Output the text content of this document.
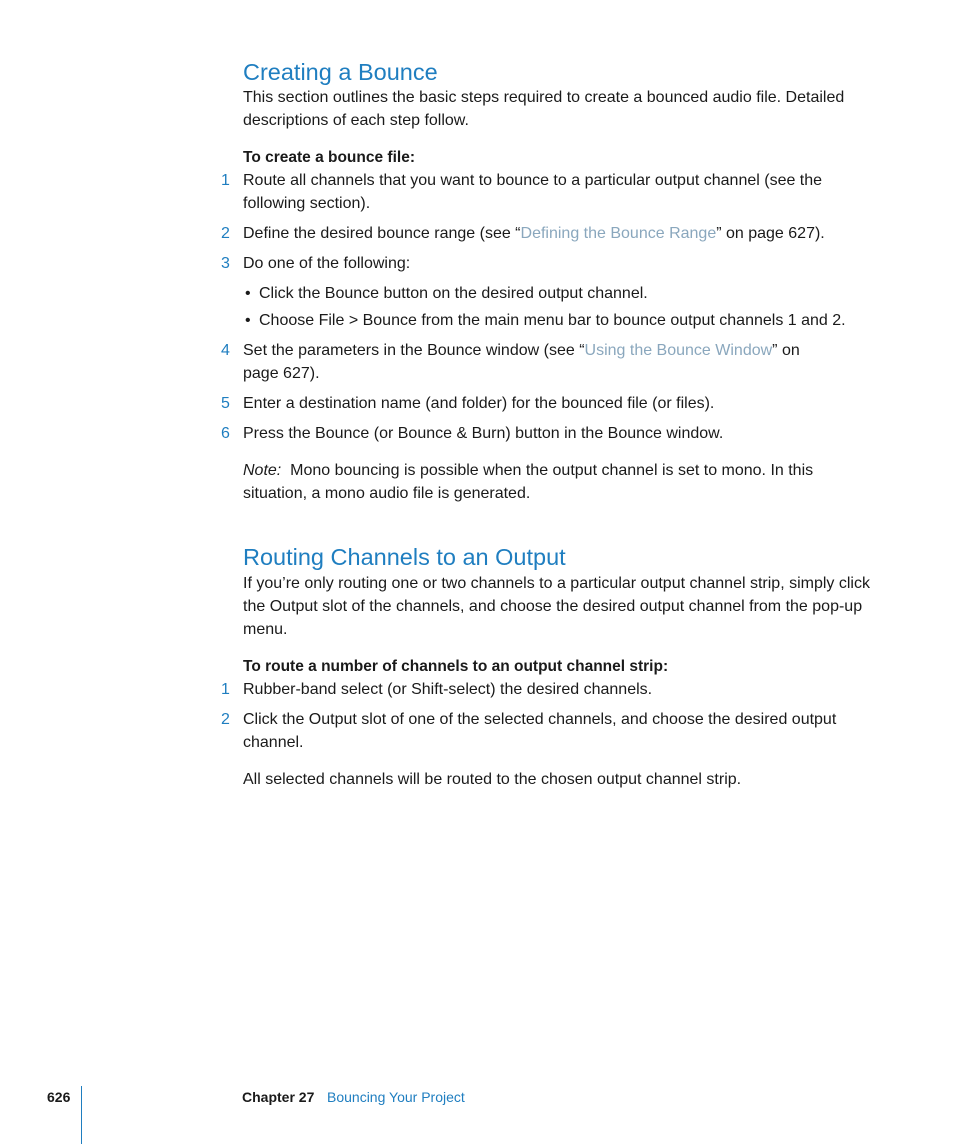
Creating a Bounce
This section outlines the basic steps required to create a bounced audio file. Detailed descriptions of each step follow.
To create a bounce file:
1 Route all channels that you want to bounce to a particular output channel (see the following section).
2 Define the desired bounce range (see “Defining the Bounce Range” on page 627).
3 Do one of the following:
• Click the Bounce button on the desired output channel.
• Choose File > Bounce from the main menu bar to bounce output channels 1 and 2.
4 Set the parameters in the Bounce window (see “Using the Bounce Window” on page 627).
5 Enter a destination name (and folder) for the bounced file (or files).
6 Press the Bounce (or Bounce & Burn) button in the Bounce window.
Note: Mono bouncing is possible when the output channel is set to mono. In this situation, a mono audio file is generated.
Routing Channels to an Output
If you’re only routing one or two channels to a particular output channel strip, simply click the Output slot of the channels, and choose the desired output channel from the pop-up menu.
To route a number of channels to an output channel strip:
1 Rubber-band select (or Shift-select) the desired channels.
2 Click the Output slot of one of the selected channels, and choose the desired output channel.
All selected channels will be routed to the chosen output channel strip.
626	Chapter 27 Bouncing Your Project
